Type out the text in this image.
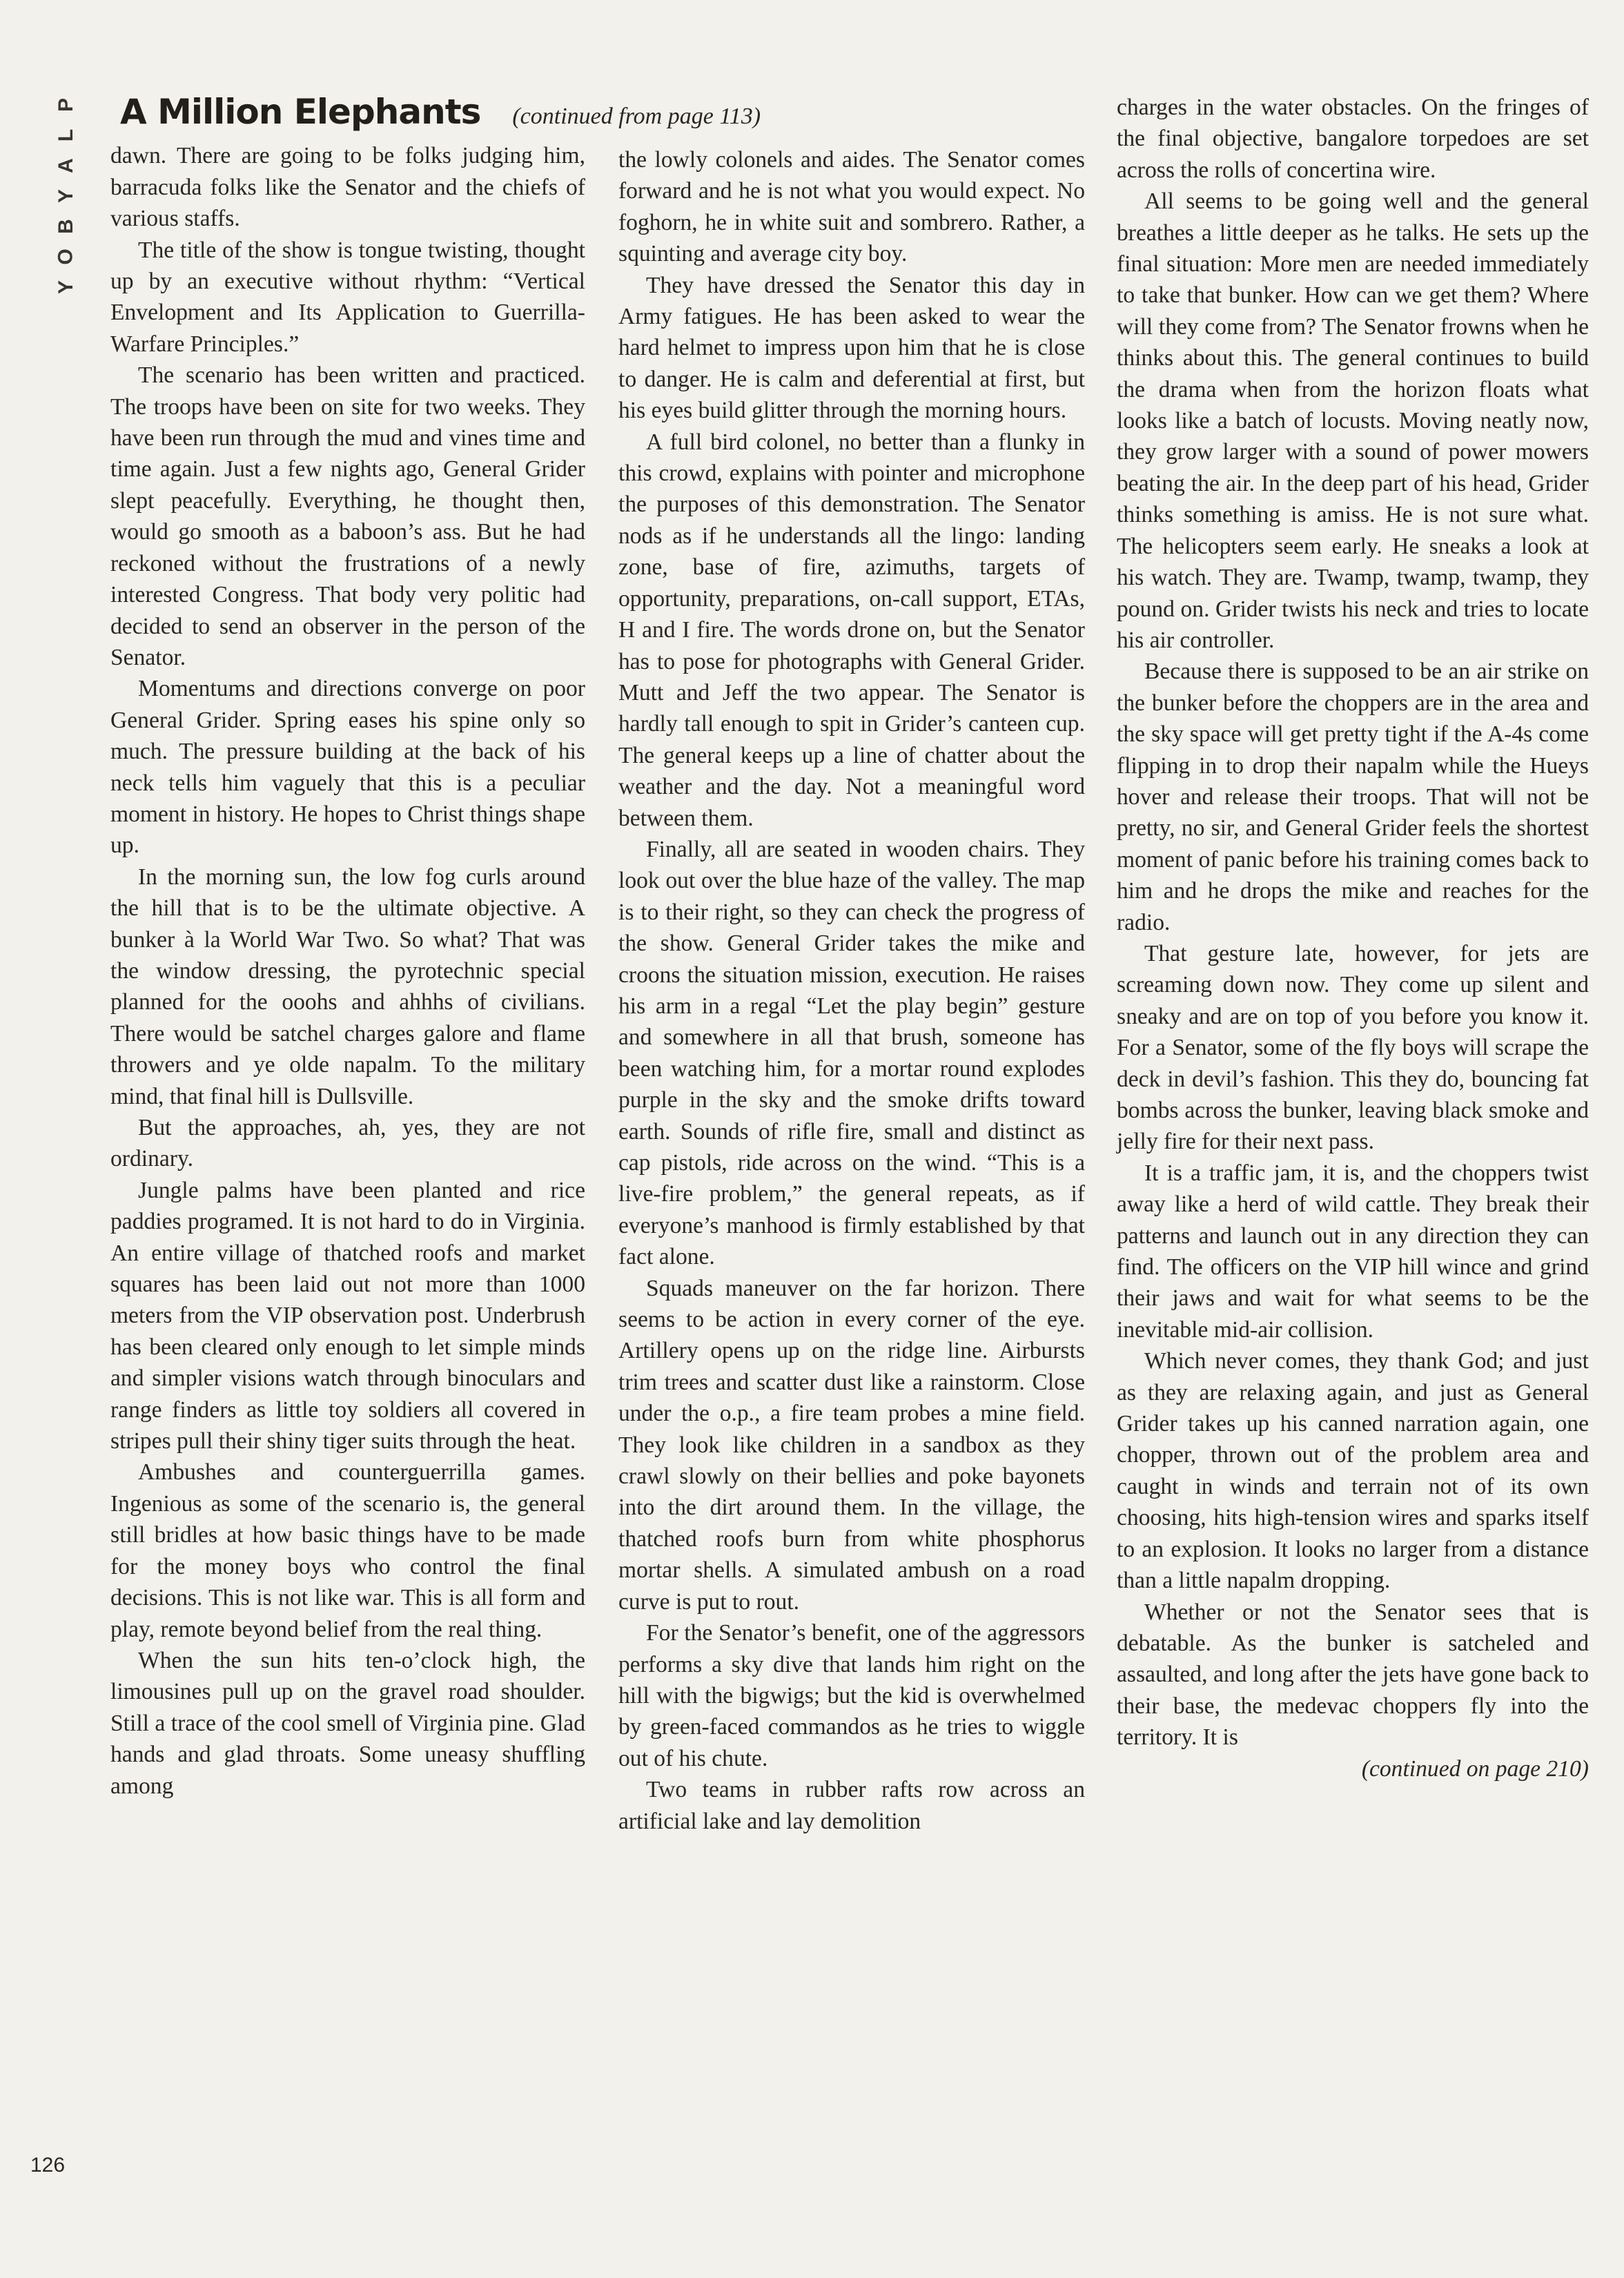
P
L
A
Y
B
O
Y
A Million Elephants (continued from page 113)

dawn. There are going to be folks judging him, barracuda folks like the Senator and the chiefs of various staffs.

The title of the show is tongue twisting, thought up by an executive without rhythm: “Vertical Envelopment and Its Application to Guerrilla-Warfare Principles.”

The scenario has been written and practiced. The troops have been on site for two weeks. They have been run through the mud and vines time and time again. Just a few nights ago, General Grider slept peacefully. Everything, he thought then, would go smooth as a baboon’s ass. But he had reckoned without the frustrations of a newly interested Congress. That body very politic had decided to send an observer in the person of the Senator.

Momentums and directions converge on poor General Grider. Spring eases his spine only so much. The pressure building at the back of his neck tells him vaguely that this is a peculiar moment in history. He hopes to Christ things shape up.

In the morning sun, the low fog curls around the hill that is to be the ultimate objective. A bunker à la World War Two. So what? That was the window dressing, the pyrotechnic special planned for the ooohs and ahhhs of civilians. There would be satchel charges galore and flame throwers and ye olde napalm. To the military mind, that final hill is Dullsville.

But the approaches, ah, yes, they are not ordinary.

Jungle palms have been planted and rice paddies programed. It is not hard to do in Virginia. An entire village of thatched roofs and market squares has been laid out not more than 1000 meters from the VIP observation post. Underbrush has been cleared only enough to let simple minds and simpler visions watch through binoculars and range finders as little toy soldiers all covered in stripes pull their shiny tiger suits through the heat.

Ambushes and counterguerrilla games. Ingenious as some of the scenario is, the general still bridles at how basic things have to be made for the money boys who control the final decisions. This is not like war. This is all form and play, remote beyond belief from the real thing.

When the sun hits ten-o’clock high, the limousines pull up on the gravel road shoulder. Still a trace of the cool smell of Virginia pine. Glad hands and glad throats. Some uneasy shuffling among

the lowly colonels and aides. The Senator comes forward and he is not what you would expect. No foghorn, he in white suit and sombrero. Rather, a squinting and average city boy.

They have dressed the Senator this day in Army fatigues. He has been asked to wear the hard helmet to impress upon him that he is close to danger. He is calm and deferential at first, but his eyes build glitter through the morning hours.

A full bird colonel, no better than a flunky in this crowd, explains with pointer and microphone the purposes of this demonstration. The Senator nods as if he understands all the lingo: landing zone, base of fire, azimuths, targets of opportunity, preparations, on-call support, ETAs, H and I fire. The words drone on, but the Senator has to pose for photographs with General Grider. Mutt and Jeff the two appear. The Senator is hardly tall enough to spit in Grider’s canteen cup. The general keeps up a line of chatter about the weather and the day. Not a meaningful word between them.

Finally, all are seated in wooden chairs. They look out over the blue haze of the valley. The map is to their right, so they can check the progress of the show. General Grider takes the mike and croons the situation mission, execution. He raises his arm in a regal “Let the play begin” gesture and somewhere in all that brush, someone has been watching him, for a mortar round explodes purple in the sky and the smoke drifts toward earth. Sounds of rifle fire, small and distinct as cap pistols, ride across on the wind. “This is a live-fire problem,” the general repeats, as if everyone’s manhood is firmly established by that fact alone.

Squads maneuver on the far horizon. There seems to be action in every corner of the eye. Artillery opens up on the ridge line. Airbursts trim trees and scatter dust like a rainstorm. Close under the o.p., a fire team probes a mine field. They look like children in a sandbox as they crawl slowly on their bellies and poke bayonets into the dirt around them. In the village, the thatched roofs burn from white phosphorus mortar shells. A simulated ambush on a road curve is put to rout.

For the Senator’s benefit, one of the aggressors performs a sky dive that lands him right on the hill with the bigwigs; but the kid is overwhelmed by green-faced commandos as he tries to wiggle out of his chute.

Two teams in rubber rafts row across an artificial lake and lay demolition

charges in the water obstacles. On the fringes of the final objective, bangalore torpedoes are set across the rolls of concertina wire.

All seems to be going well and the general breathes a little deeper as he talks. He sets up the final situation: More men are needed immediately to take that bunker. How can we get them? Where will they come from? The Senator frowns when he thinks about this. The general continues to build the drama when from the horizon floats what looks like a batch of locusts. Moving neatly now, they grow larger with a sound of power mowers beating the air. In the deep part of his head, Grider thinks something is amiss. He is not sure what. The helicopters seem early. He sneaks a look at his watch. They are. Twamp, twamp, twamp, they pound on. Grider twists his neck and tries to locate his air controller.

Because there is supposed to be an air strike on the bunker before the choppers are in the area and the sky space will get pretty tight if the A-4s come flipping in to drop their napalm while the Hueys hover and release their troops. That will not be pretty, no sir, and General Grider feels the shortest moment of panic before his training comes back to him and he drops the mike and reaches for the radio.

That gesture late, however, for jets are screaming down now. They come up silent and sneaky and are on top of you before you know it. For a Senator, some of the fly boys will scrape the deck in devil’s fashion. This they do, bouncing fat bombs across the bunker, leaving black smoke and jelly fire for their next pass.

It is a traffic jam, it is, and the choppers twist away like a herd of wild cattle. They break their patterns and launch out in any direction they can find. The officers on the VIP hill wince and grind their jaws and wait for what seems to be the inevitable mid-air collision.

Which never comes, they thank God; and just as they are relaxing again, and just as General Grider takes up his canned narration again, one chopper, thrown out of the problem area and caught in winds and terrain not of its own choosing, hits high-tension wires and sparks itself to an explosion. It looks no larger from a distance than a little napalm dropping.

Whether or not the Senator sees that is debatable. As the bunker is satcheled and assaulted, and long after the jets have gone back to their base, the medevac choppers fly into the territory. It is

(continued on page 210)

126
